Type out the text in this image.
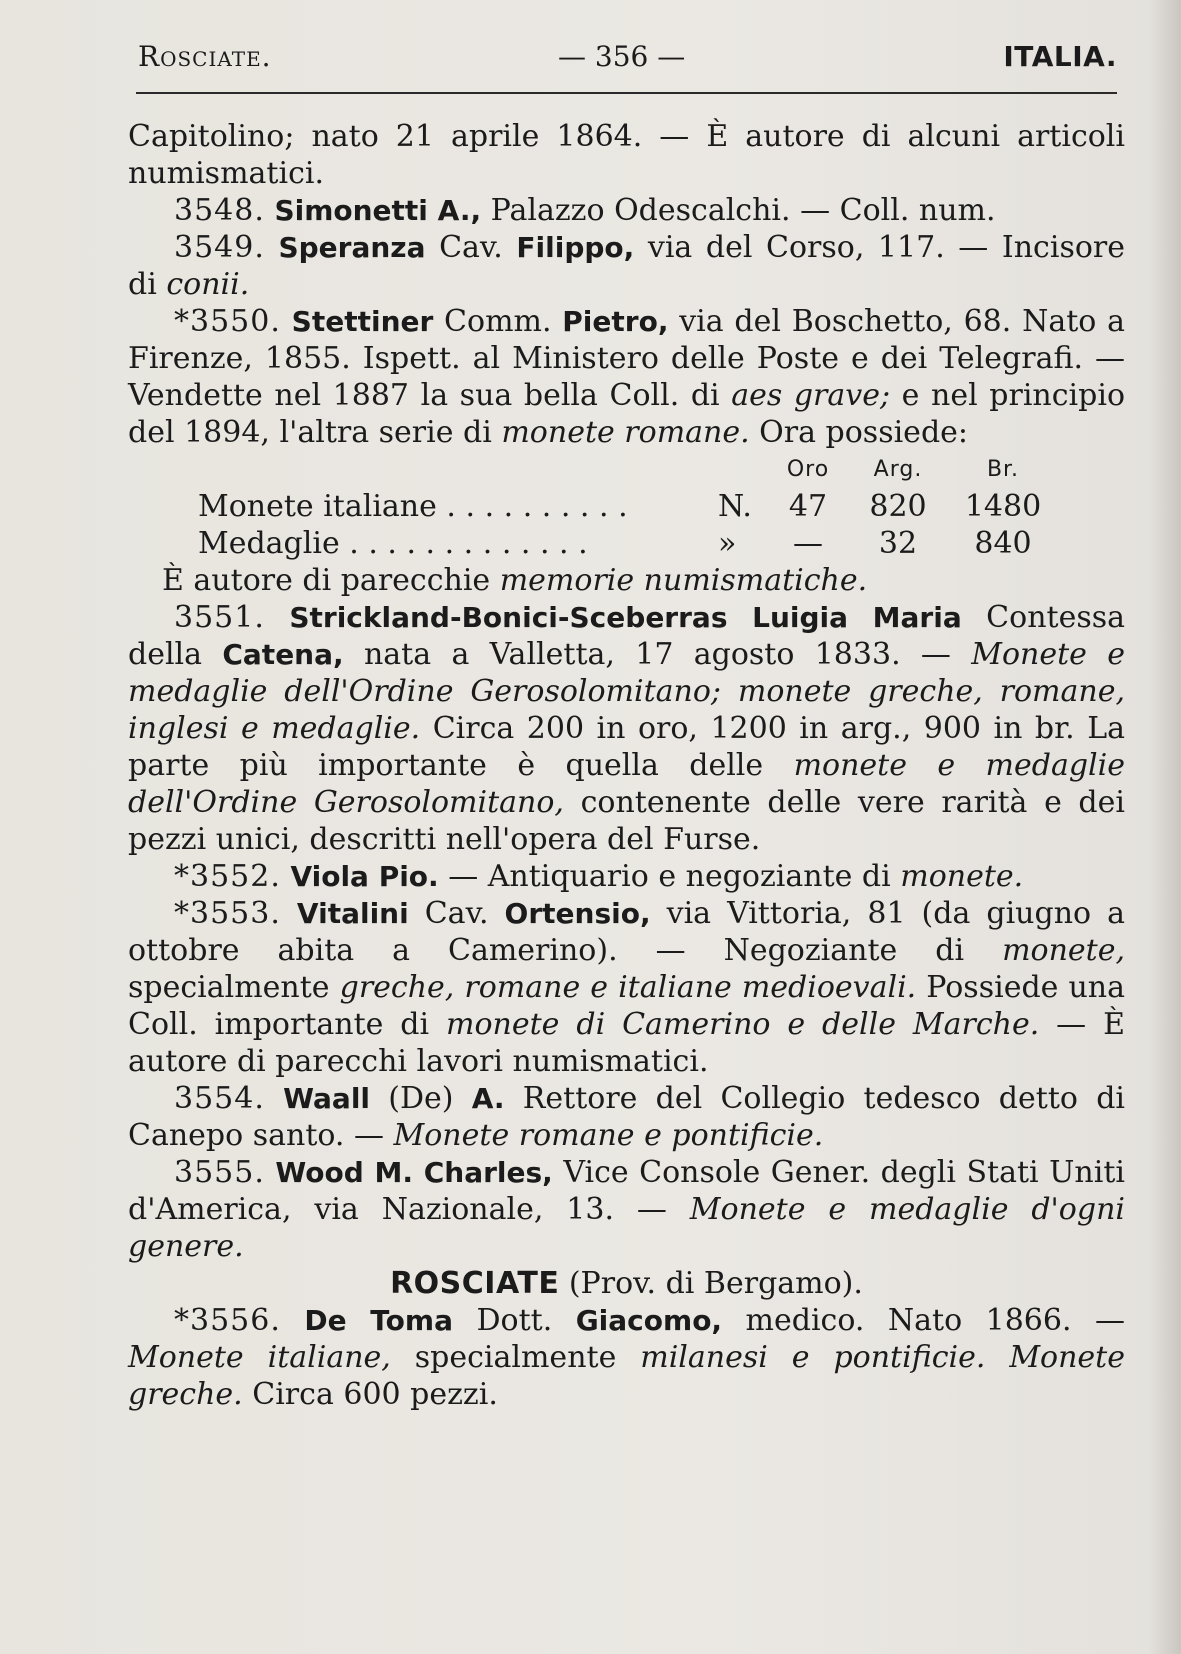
Rosciate.	— 356 —	ITALIA.

Capitolino; nato 21 aprile 1864. — È autore di alcuni articoli numismatici.

3548. Simonetti A., Palazzo Odescalchi. — Coll. num.

3549. Speranza Cav. Filippo, via del Corso, 117. — Incisore di conii.

*3550. Stettiner Comm. Pietro, via del Boschetto, 68. Nato a Firenze, 1855. Ispett. al Ministero delle Poste e dei Telegrafi. — Vendette nel 1887 la sua bella Coll. di aes grave; e nel principio del 1894, l'altra serie di monete romane. Ora possiede:

		Oro	Arg.	Br.
Monete italiane . . . . . . . . . .	N.	47	820	1480
Medaglie . . . . . . . . . . . . .	»	—	32	840

È autore di parecchie memorie numismatiche.

3551. Strickland-Bonici-Sceberras Luigia Maria Contessa della Catena, nata a Valletta, 17 agosto 1833. — Monete e medaglie dell'Ordine Gerosolomitano; monete greche, romane, inglesi e medaglie. Circa 200 in oro, 1200 in arg., 900 in br. La parte più importante è quella delle monete e medaglie dell'Ordine Gerosolomitano, contenente delle vere rarità e dei pezzi unici, descritti nell'opera del Furse.

*3552. Viola Pio. — Antiquario e negoziante di monete.

*3553. Vitalini Cav. Ortensio, via Vittoria, 81 (da giugno a ottobre abita a Camerino). — Negoziante di monete, specialmente greche, romane e italiane medioevali. Possiede una Coll. importante di monete di Camerino e delle Marche. — È autore di parecchi lavori numismatici.

3554. Waall (De) A. Rettore del Collegio tedesco detto di Canepo santo. — Monete romane e pontificie.

3555. Wood M. Charles, Vice Console Gener. degli Stati Uniti d'America, via Nazionale, 13. — Monete e medaglie d'ogni genere.

ROSCIATE (Prov. di Bergamo).

*3556. De Toma Dott. Giacomo, medico. Nato 1866. — Monete italiane, specialmente milanesi e pontificie. Monete greche. Circa 600 pezzi.
